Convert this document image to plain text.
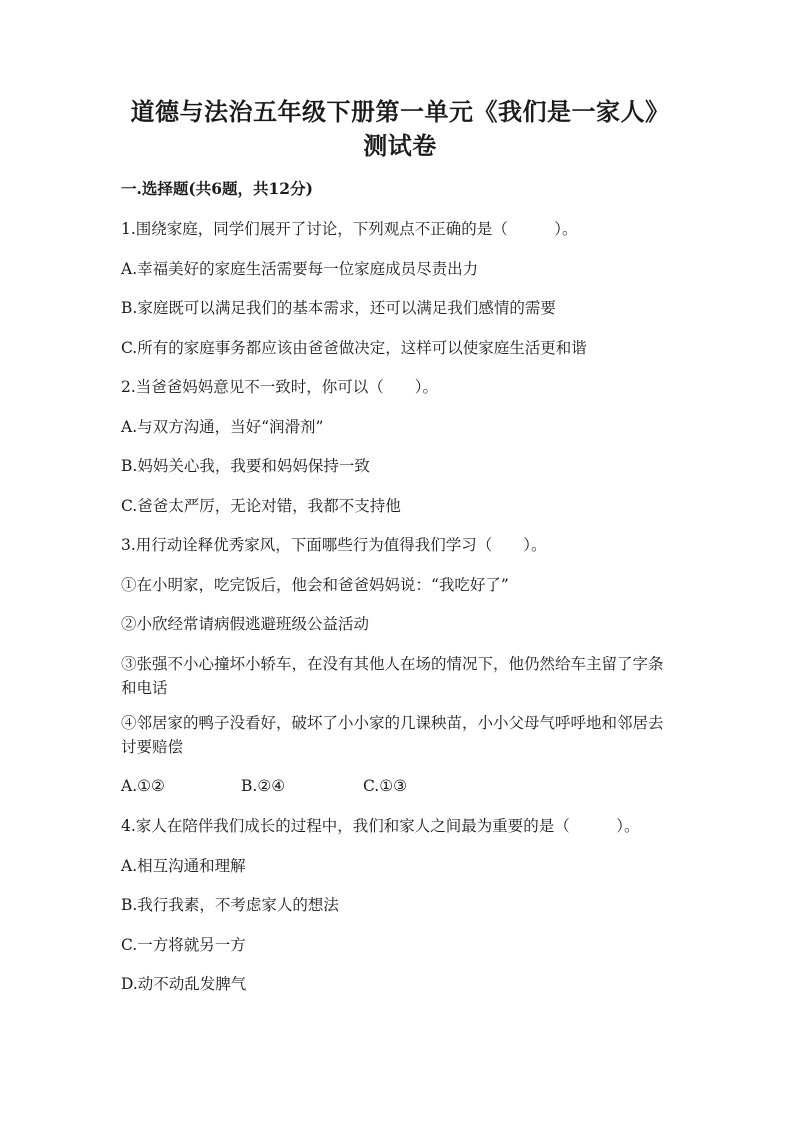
道德与法治五年级下册第一单元《我们是一家人》
测试卷
一.选择题(共6题，共12分)
1.围绕家庭，同学们展开了讨论，下列观点不正确的是（　　　）。
A.幸福美好的家庭生活需要每一位家庭成员尽责出力
B.家庭既可以满足我们的基本需求，还可以满足我们感情的需要
C.所有的家庭事务都应该由爸爸做决定，这样可以使家庭生活更和谐
2.当爸爸妈妈意见不一致时，你可以（　　）。
A.与双方沟通，当好“润滑剂”
B.妈妈关心我，我要和妈妈保持一致
C.爸爸太严厉，无论对错，我都不支持他
3.用行动诠释优秀家风，下面哪些行为值得我们学习（　　）。
①在小明家，吃完饭后，他会和爸爸妈妈说：“我吃好了”
②小欣经常请病假逃避班级公益活动
③张强不小心撞坏小轿车，在没有其他人在场的情况下，他仍然给车主留了字条和电话
④邻居家的鸭子没看好，破坏了小小家的几课秧苗，小小父母气呼呼地和邻居去讨要赔偿
A.①②	B.②④	C.①③
4.家人在陪伴我们成长的过程中，我们和家人之间最为重要的是（　　　）。
A.相互沟通和理解
B.我行我素，不考虑家人的想法
C.一方将就另一方
D.动不动乱发脾气
